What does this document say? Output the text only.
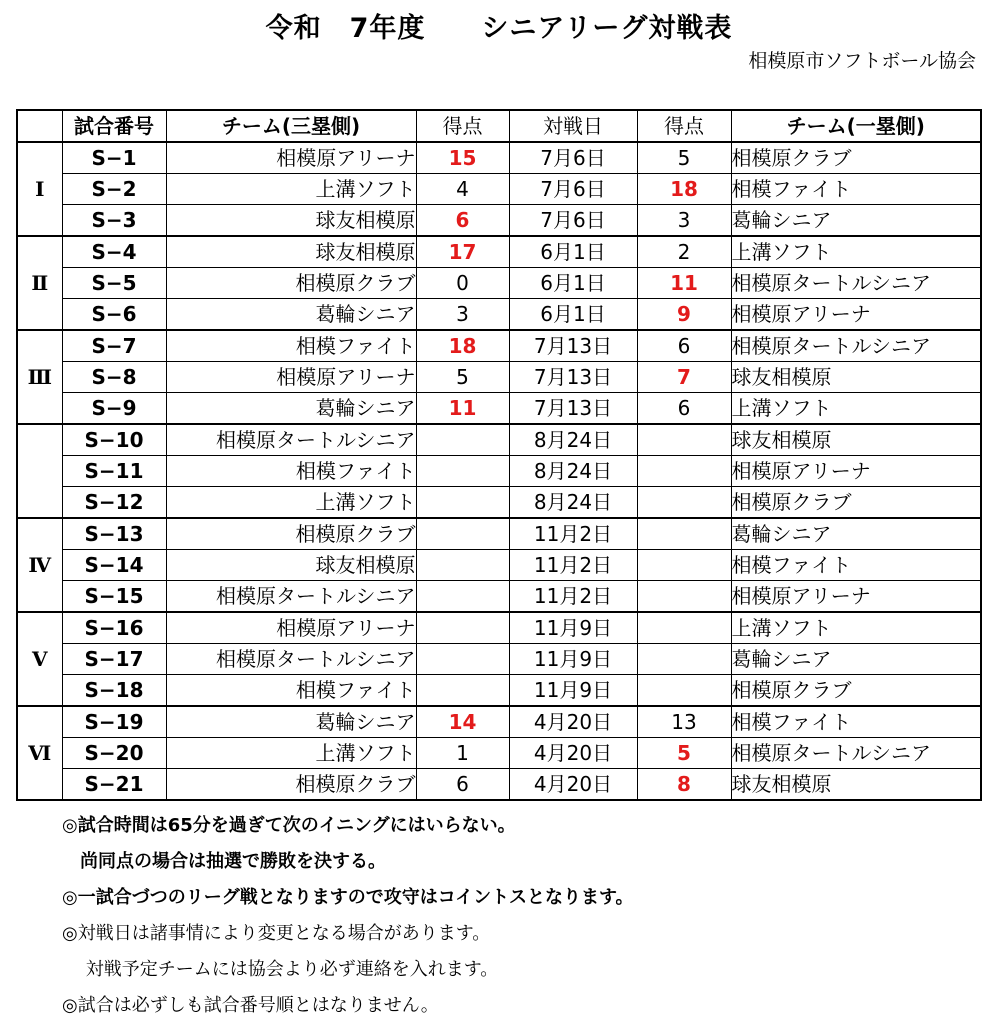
令和　7年度　　シニアリーグ対戦表
相模原市ソフトボール協会
	試合番号	チーム(三塁側)	得点	対戦日	得点	チーム(一塁側)
Ⅰ	S−1	相模原アリーナ	15	7月6日	5	相模原クラブ
	S−2	上溝ソフト	4	7月6日	18	相模ファイト
	S−3	球友相模原	6	7月6日	3	葛輪シニア
Ⅱ	S−4	球友相模原	17	6月1日	2	上溝ソフト
	S−5	相模原クラブ	0	6月1日	11	相模原タートルシニア
	S−6	葛輪シニア	3	6月1日	9	相模原アリーナ
Ⅲ	S−7	相模ファイト	18	7月13日	6	相模原タートルシニア
	S−8	相模原アリーナ	5	7月13日	7	球友相模原
	S−9	葛輪シニア	11	7月13日	6	上溝ソフト
	S−10	相模原タートルシニア		8月24日		球友相模原
	S−11	相模ファイト		8月24日		相模原アリーナ
	S−12	上溝ソフト		8月24日		相模原クラブ
Ⅳ	S−13	相模原クラブ		11月2日		葛輪シニア
	S−14	球友相模原		11月2日		相模ファイト
	S−15	相模原タートルシニア		11月2日		相模原アリーナ
Ⅴ	S−16	相模原アリーナ		11月9日		上溝ソフト
	S−17	相模原タートルシニア		11月9日		葛輪シニア
	S−18	相模ファイト		11月9日		相模原クラブ
Ⅵ	S−19	葛輪シニア	14	4月20日	13	相模ファイト
	S−20	上溝ソフト	1	4月20日	5	相模原タートルシニア
	S−21	相模原クラブ	6	4月20日	8	球友相模原
◎試合時間は65分を過ぎて次のイニングにはいらない。
　尚同点の場合は抽選で勝敗を決する。
◎一試合づつのリーグ戦となりますので攻守はコイントスとなります。
◎対戦日は諸事情により変更となる場合があります。
　 対戦予定チームには協会より必ず連絡を入れます。
◎試合は必ずしも試合番号順とはなりません。
